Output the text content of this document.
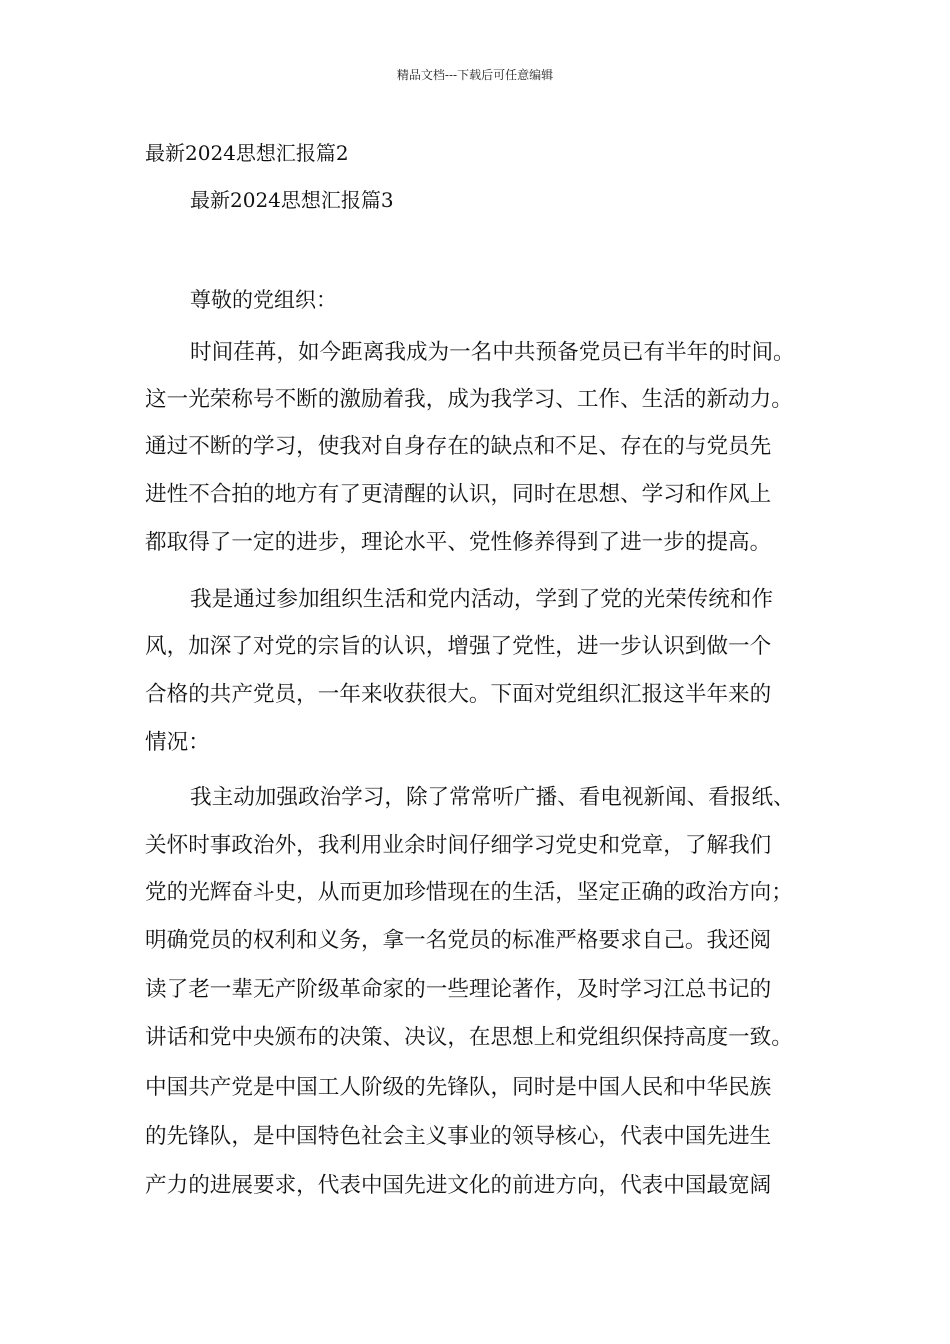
精品文档---下载后可任意编辑
最新2024思想汇报篇2
最新2024思想汇报篇3
尊敬的党组织：
时间荏苒，如今距离我成为一名中共预备党员已有半年的时间。
这一光荣称号不断的激励着我，成为我学习、工作、生活的新动力。
通过不断的学习，使我对自身存在的缺点和不足、存在的与党员先
进性不合拍的地方有了更清醒的认识，同时在思想、学习和作风上
都取得了一定的进步，理论水平、党性修养得到了进一步的提高。
我是通过参加组织生活和党内活动，学到了党的光荣传统和作
风，加深了对党的宗旨的认识，增强了党性，进一步认识到做一个
合格的共产党员，一年来收获很大。下面对党组织汇报这半年来的
情况：
我主动加强政治学习，除了常常听广播、看电视新闻、看报纸、
关怀时事政治外，我利用业余时间仔细学习党史和党章，了解我们
党的光辉奋斗史，从而更加珍惜现在的生活，坚定正确的政治方向；
明确党员的权利和义务，拿一名党员的标准严格要求自己。我还阅
读了老一辈无产阶级革命家的一些理论著作，及时学习江总书记的
讲话和党中央颁布的决策、决议，在思想上和党组织保持高度一致。
中国共产党是中国工人阶级的先锋队，同时是中国人民和中华民族
的先锋队，是中国特色社会主义事业的领导核心，代表中国先进生
产力的进展要求，代表中国先进文化的前进方向，代表中国最宽阔
